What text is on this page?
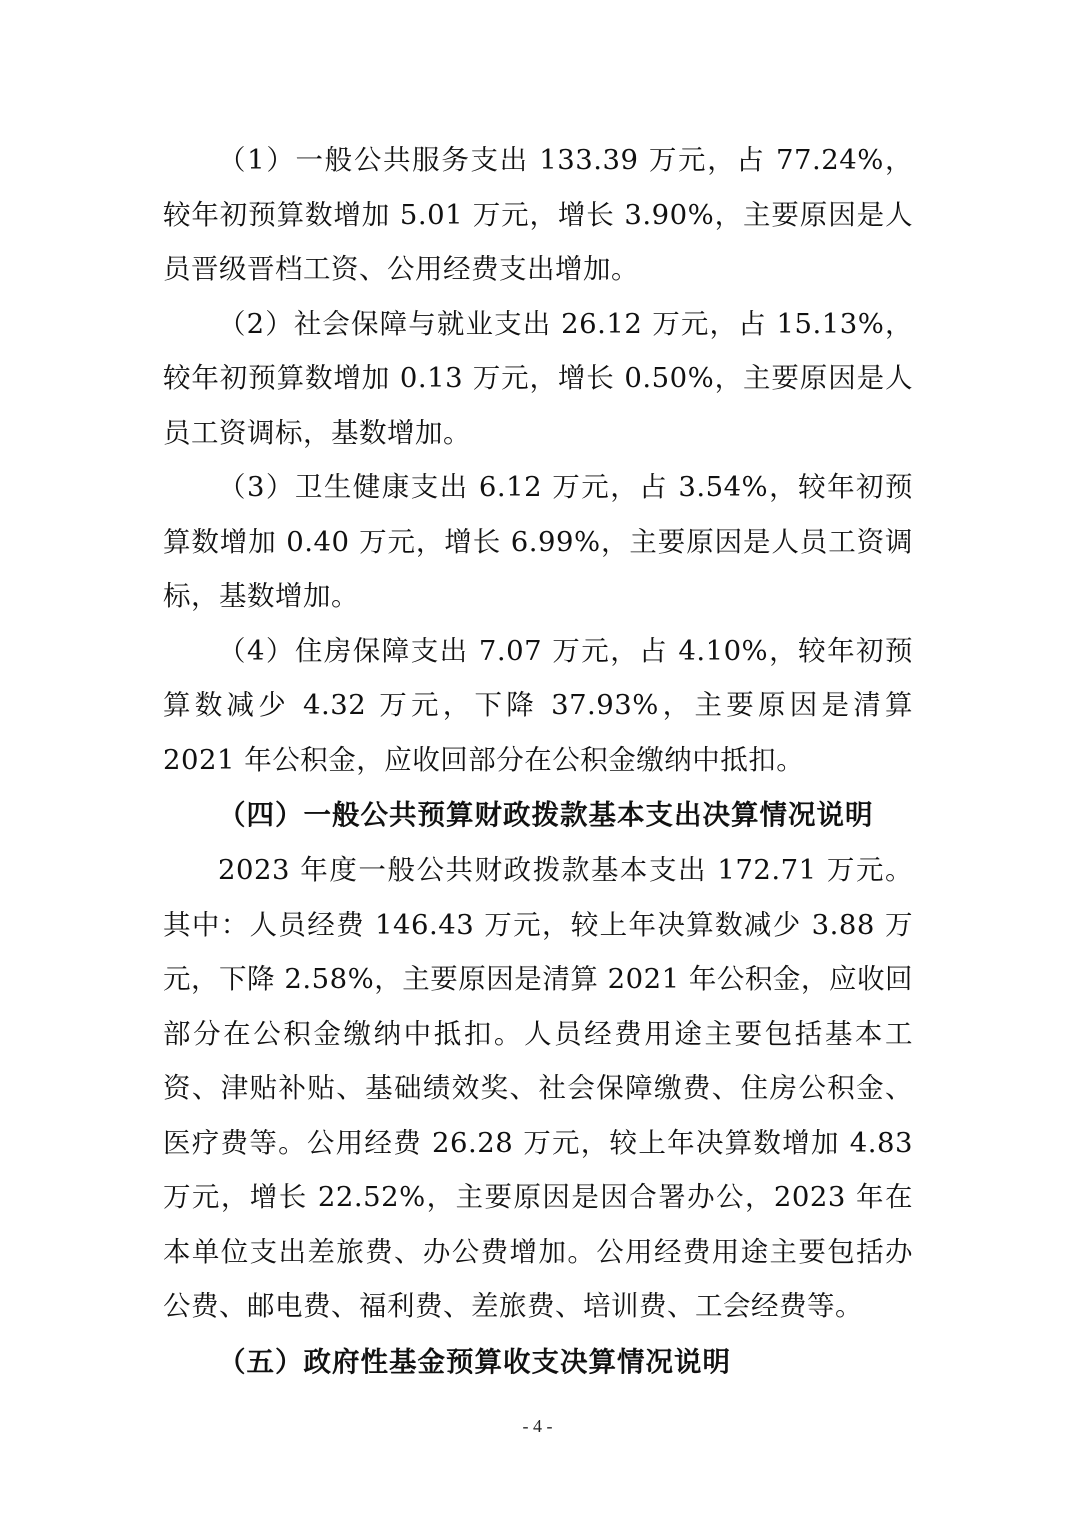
（1）一般公共服务支出 133.39 万元，占 77.24%，较年初预算数增加 5.01 万元，增长 3.90%，主要原因是人员晋级晋档工资、公用经费支出增加。

（2）社会保障与就业支出 26.12 万元，占 15.13%，较年初预算数增加 0.13 万元，增长 0.50%，主要原因是人员工资调标，基数增加。

（3）卫生健康支出 6.12 万元，占 3.54%，较年初预算数增加 0.40 万元，增长 6.99%，主要原因是人员工资调标，基数增加。

（4）住房保障支出 7.07 万元，占 4.10%，较年初预算数减少 4.32 万元，下降 37.93%，主要原因是清算 2021 年公积金，应收回部分在公积金缴纳中抵扣。

（四）一般公共预算财政拨款基本支出决算情况说明

2023 年度一般公共财政拨款基本支出 172.71 万元。其中：人员经费 146.43 万元，较上年决算数减少 3.88 万元，下降 2.58%，主要原因是清算 2021 年公积金，应收回部分在公积金缴纳中抵扣。人员经费用途主要包括基本工资、津贴补贴、基础绩效奖、社会保障缴费、住房公积金、医疗费等。公用经费 26.28 万元，较上年决算数增加 4.83 万元，增长 22.52%，主要原因是因合署办公，2023 年在本单位支出差旅费、办公费增加。公用经费用途主要包括办公费、邮电费、福利费、差旅费、培训费、工会经费等。

（五）政府性基金预算收支决算情况说明

- 4 -
